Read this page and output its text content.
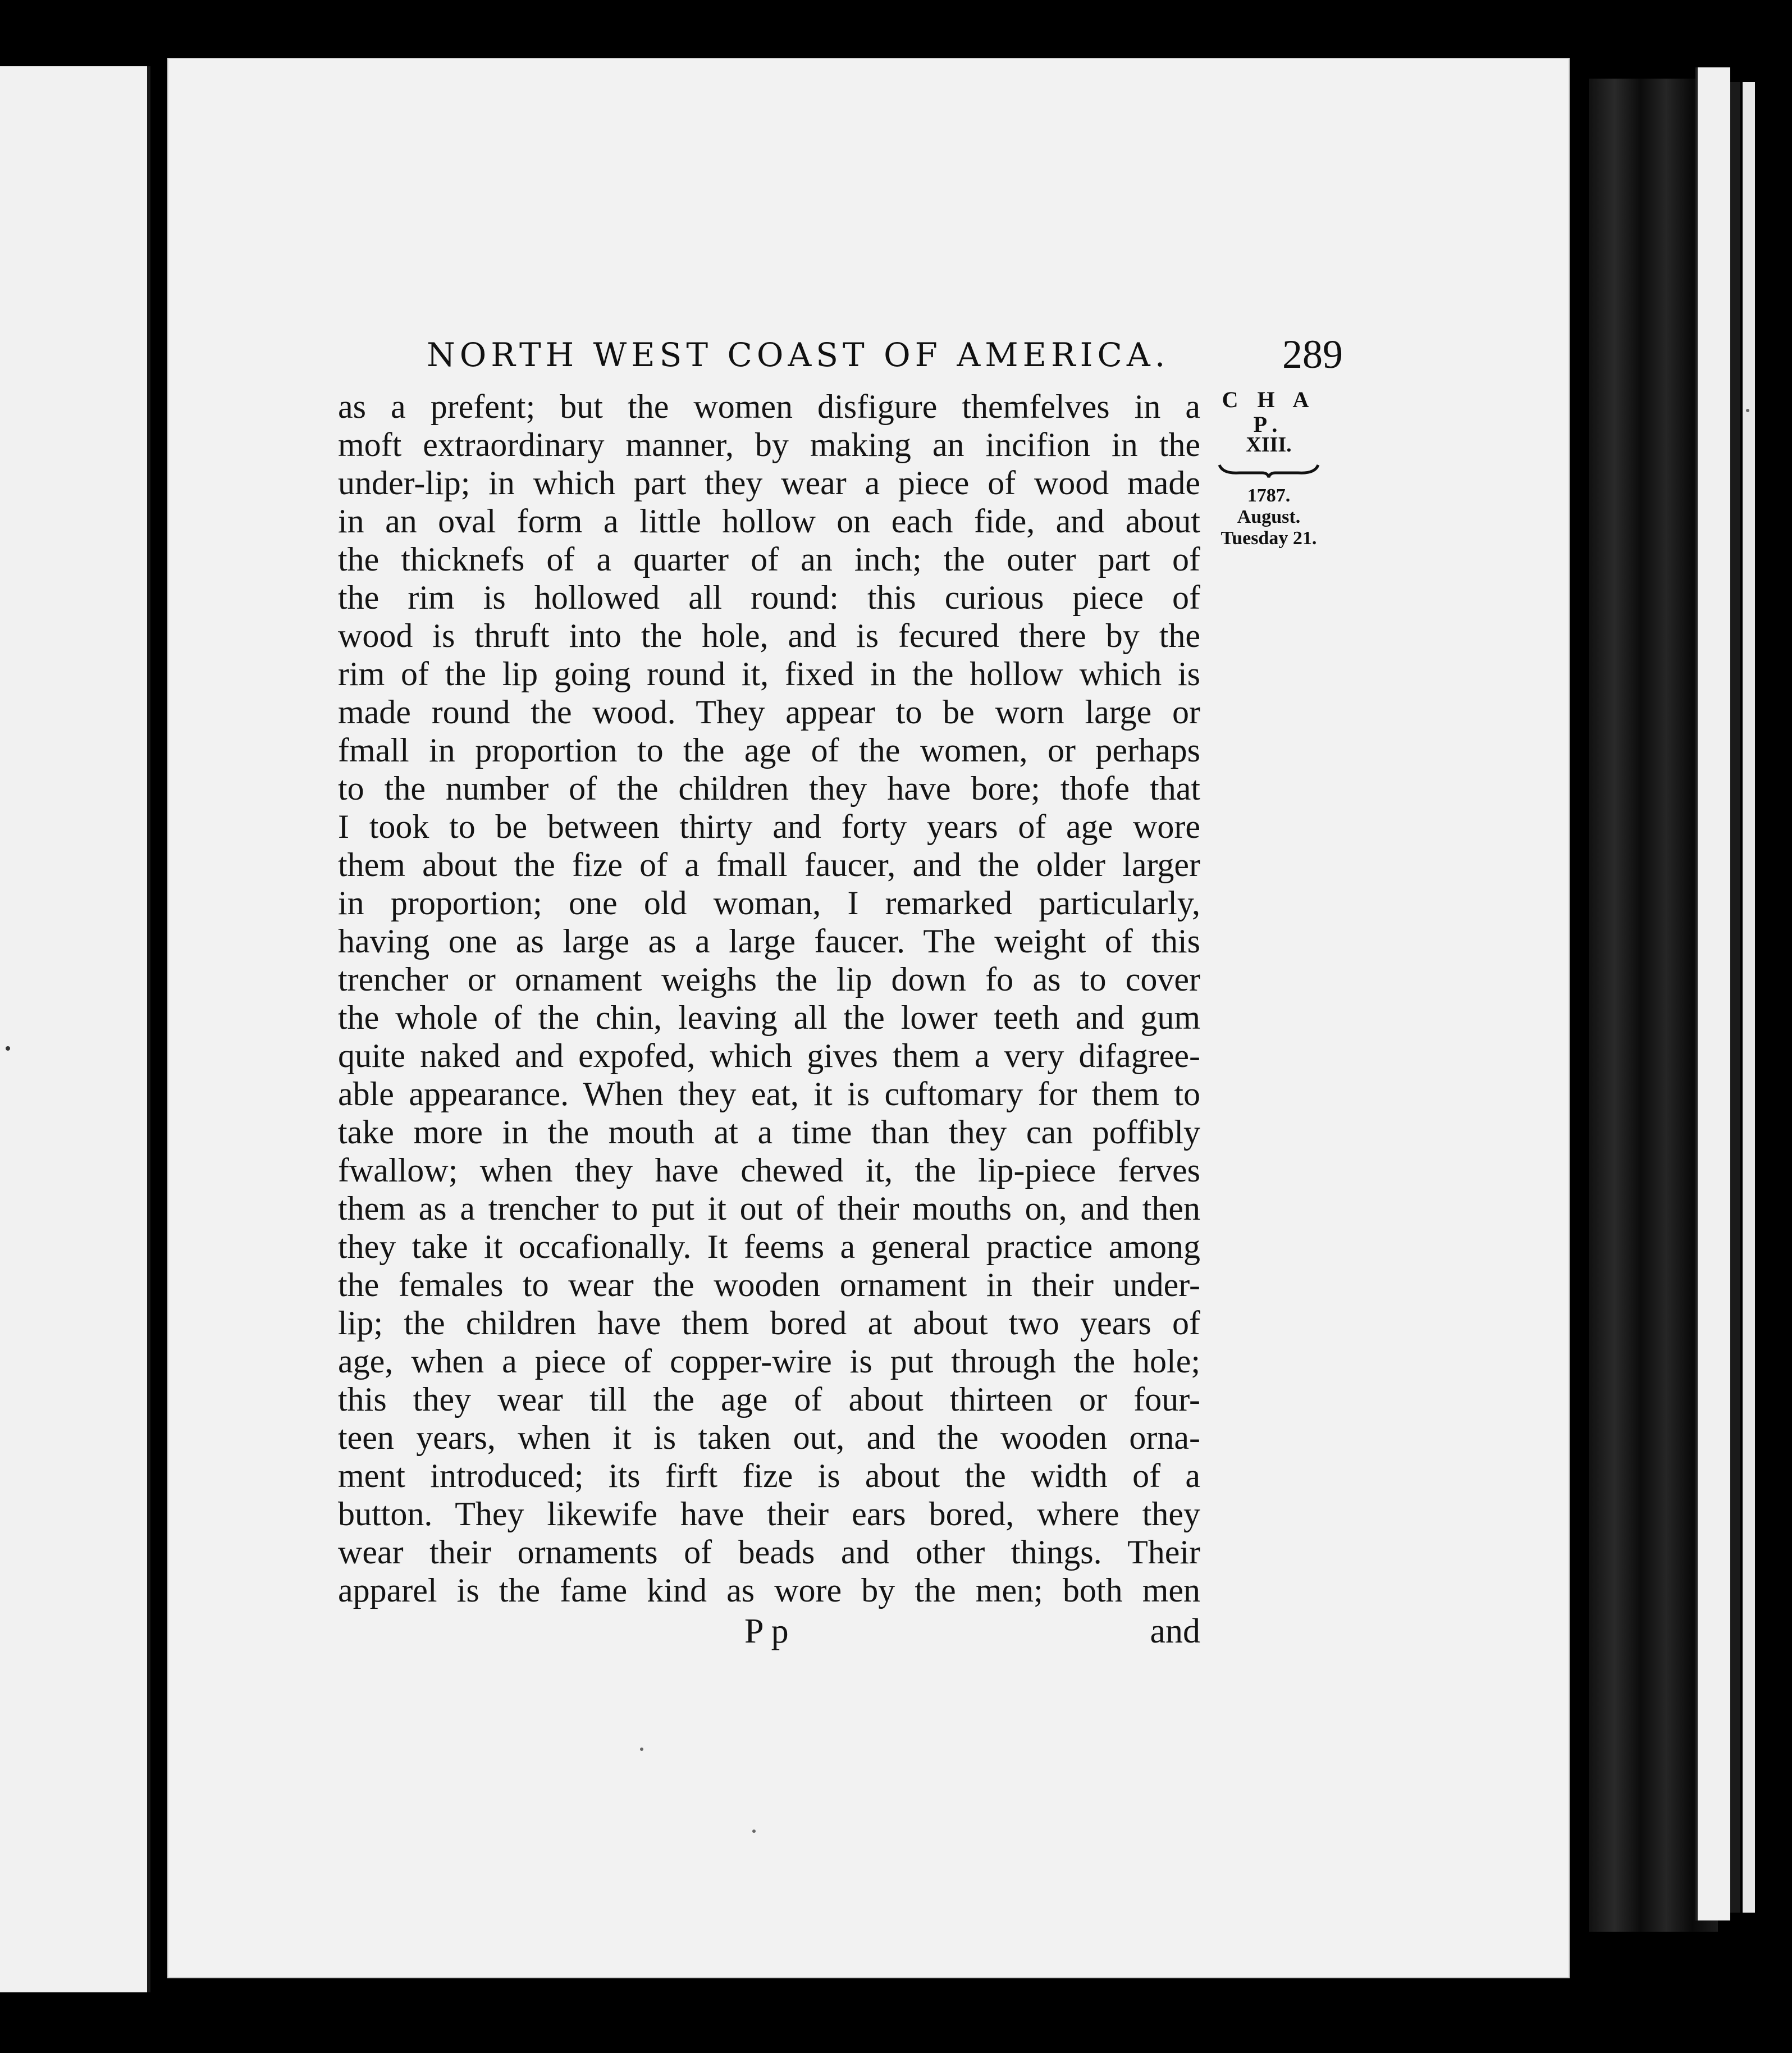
NORTH WEST COAST OF AMERICA.	289
C H A P.
XIII.
1787.
August.
Tuesday 21.
as a prefent; but the women disfigure themfelves in a
moft extraordinary manner, by making an incifion in the
under-lip; in which part they wear a piece of wood made
in an oval form a little hollow on each fide, and about
the thicknefs of a quarter of an inch; the outer part of
the rim is hollowed all round: this curious piece of
wood is thruft into the hole, and is fecured there by the
rim of the lip going round it, fixed in the hollow which is
made round the wood. They appear to be worn large or
fmall in proportion to the age of the women, or perhaps
to the number of the children they have bore; thofe that
I took to be between thirty and forty years of age wore
them about the fize of a fmall faucer, and the older larger
in proportion; one old woman, I remarked particularly,
having one as large as a large faucer. The weight of this
trencher or ornament weighs the lip down fo as to cover
the whole of the chin, leaving all the lower teeth and gum
quite naked and expofed, which gives them a very difagree-
able appearance. When they eat, it is cuftomary for them to
take more in the mouth at a time than they can poffibly
fwallow; when they have chewed it, the lip-piece ferves
them as a trencher to put it out of their mouths on, and then
they take it occafionally. It feems a general practice among
the females to wear the wooden ornament in their under-
lip; the children have them bored at about two years of
age, when a piece of copper-wire is put through the hole;
this they wear till the age of about thirteen or four-
teen years, when it is taken out, and the wooden orna-
ment introduced; its firft fize is about the width of a
button. They likewife have their ears bored, where they
wear their ornaments of beads and other things. Their
apparel is the fame kind as wore by the men; both men
P p	and
